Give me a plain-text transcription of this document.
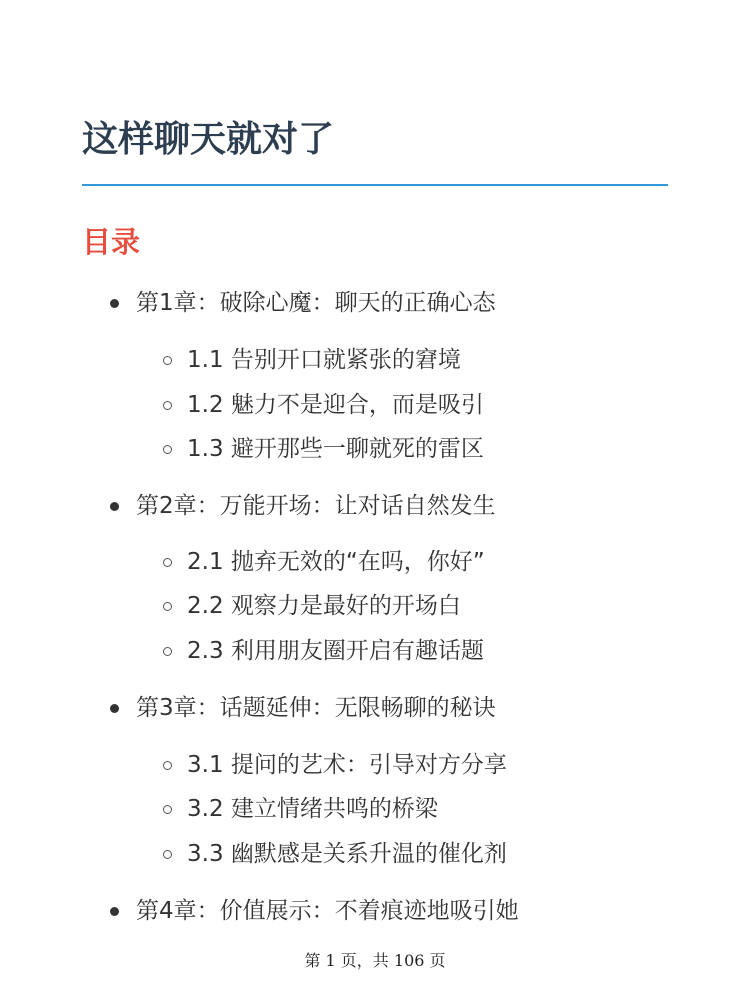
这样聊天就对了
目录
第1章：破除心魔：聊天的正确心态
1.1 告别开口就紧张的窘境
1.2 魅力不是迎合，而是吸引
1.3 避开那些一聊就死的雷区
第2章：万能开场：让对话自然发生
2.1 抛弃无效的“在吗，你好”
2.2 观察力是最好的开场白
2.3 利用朋友圈开启有趣话题
第3章：话题延伸：无限畅聊的秘诀
3.1 提问的艺术：引导对方分享
3.2 建立情绪共鸣的桥梁
3.3 幽默感是关系升温的催化剂
第4章：价值展示：不着痕迹地吸引她
第 1 页，共 106 页
